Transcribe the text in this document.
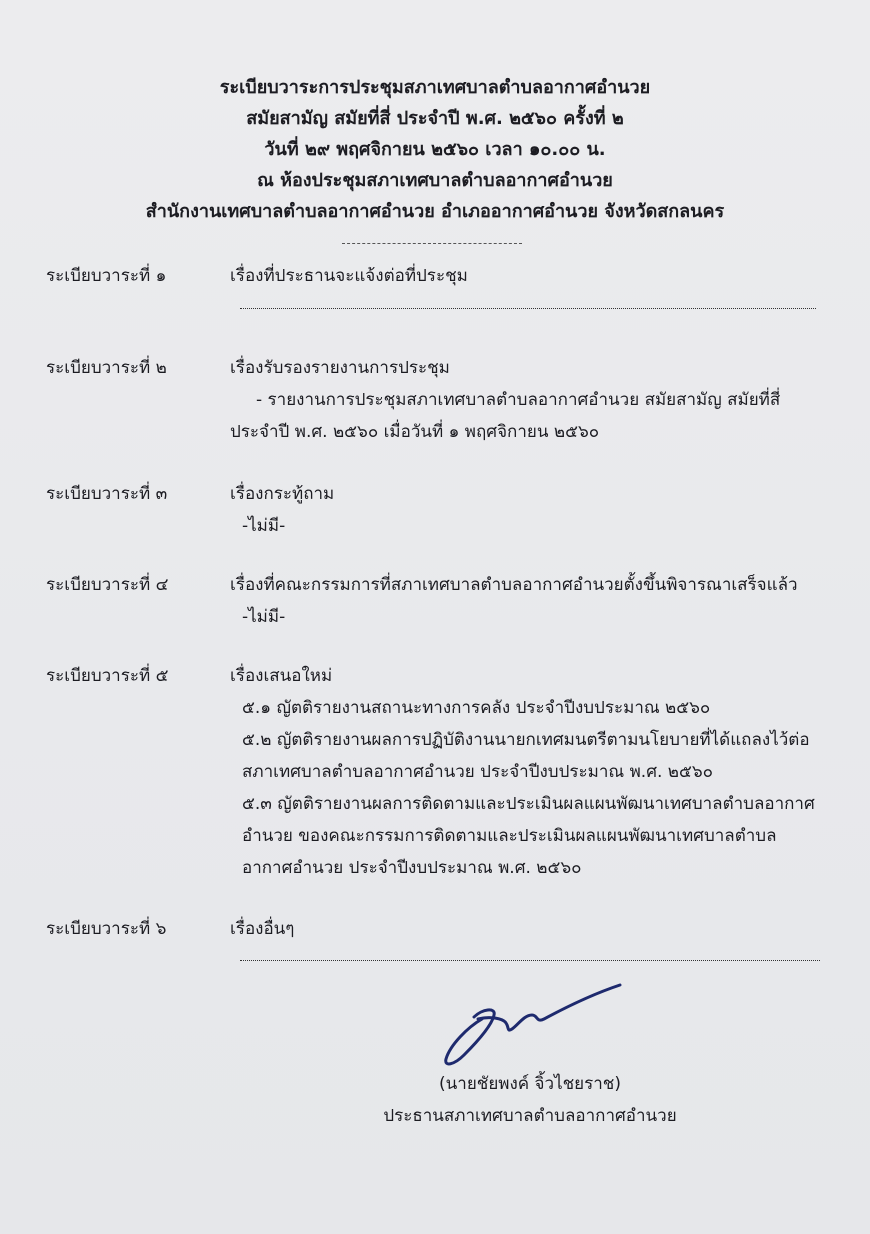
ระเบียบวาระการประชุมสภาเทศบาลตำบลอากาศอำนวย
สมัยสามัญ สมัยที่สี่ ประจำปี พ.ศ. ๒๕๖๐ ครั้งที่ ๒
วันที่ ๒๙ พฤศจิกายน ๒๕๖๐ เวลา ๑๐.๐๐ น.
ณ ห้องประชุมสภาเทศบาลตำบลอากาศอำนวย
สำนักงานเทศบาลตำบลอากาศอำนวย อำเภออากาศอำนวย จังหวัดสกลนคร
ระเบียบวาระที่ ๑	เรื่องที่ประธานจะแจ้งต่อที่ประชุม
ระเบียบวาระที่ ๒	เรื่องรับรองรายงานการประชุม
- รายงานการประชุมสภาเทศบาลตำบลอากาศอำนวย สมัยสามัญ สมัยที่สี่
ประจำปี พ.ศ. ๒๕๖๐ เมื่อวันที่ ๑ พฤศจิกายน ๒๕๖๐
ระเบียบวาระที่ ๓	เรื่องกระทู้ถาม
-ไม่มี-
ระเบียบวาระที่ ๔	เรื่องที่คณะกรรมการที่สภาเทศบาลตำบลอากาศอำนวยตั้งขึ้นพิจารณาเสร็จแล้ว
-ไม่มี-
ระเบียบวาระที่ ๕	เรื่องเสนอใหม่
๕.๑ ญัตติรายงานสถานะทางการคลัง ประจำปีงบประมาณ ๒๕๖๐
๕.๒ ญัตติรายงานผลการปฏิบัติงานนายกเทศมนตรีตามนโยบายที่ได้แถลงไว้ต่อ
สภาเทศบาลตำบลอากาศอำนวย ประจำปีงบประมาณ พ.ศ. ๒๕๖๐
๕.๓ ญัตติรายงานผลการติดตามและประเมินผลแผนพัฒนาเทศบาลตำบลอากาศ
อำนวย ของคณะกรรมการติดตามและประเมินผลแผนพัฒนาเทศบาลตำบล
อากาศอำนวย ประจำปีงบประมาณ พ.ศ. ๒๕๖๐
ระเบียบวาระที่ ๖	เรื่องอื่นๆ
(นายชัยพงค์ จิ้วไชยราช)
ประธานสภาเทศบาลตำบลอากาศอำนวย
